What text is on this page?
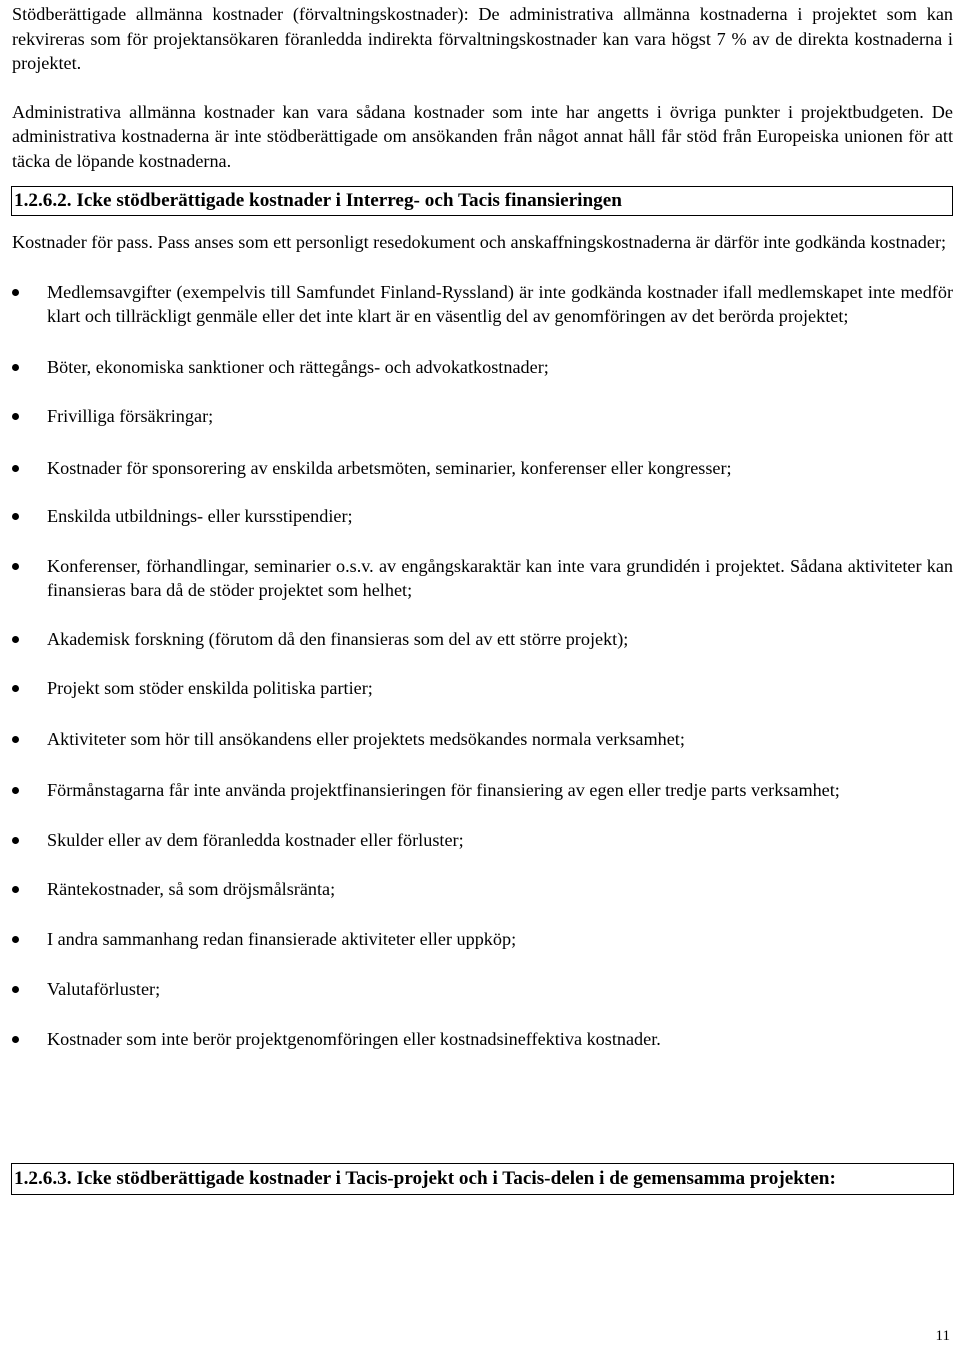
Stödberättigade allmänna kostnader (förvaltningskostnader): De administrativa allmänna kostnaderna i projektet som kan rekvireras som för projektansökaren föranledda indirekta förvaltningskostnader kan vara högst 7 % av de direkta kostnaderna i projektet.

Administrativa allmänna kostnader kan vara sådana kostnader som inte har angetts i övriga punkter i projektbudgeten. De administrativa kostnaderna är inte stödberättigade om ansökanden från något annat håll får stöd från Europeiska unionen för att täcka de löpande kostnaderna.

1.2.6.2. Icke stödberättigade kostnader i Interreg- och Tacis finansieringen

Kostnader för pass. Pass anses som ett personligt resedokument och anskaffningskostnaderna är därför inte godkända kostnader;

Medlemsavgifter (exempelvis till Samfundet Finland-Ryssland) är inte godkända kostnader ifall medlemskapet inte medför klart och tillräckligt genmäle eller det inte klart är en väsentlig del av genomföringen av det berörda projektet;
Böter, ekonomiska sanktioner och rättegångs- och advokatkostnader;
Frivilliga försäkringar;
Kostnader för sponsorering av enskilda arbetsmöten, seminarier, konferenser eller kongresser;
Enskilda utbildnings- eller kursstipendier;
Konferenser, förhandlingar, seminarier o.s.v. av engångskaraktär kan inte vara grundidén i projektet. Sådana aktiviteter kan finansieras bara då de stöder projektet som helhet;
Akademisk forskning (förutom då den finansieras som del av ett större projekt);
Projekt som stöder enskilda politiska partier;
Aktiviteter som hör till ansökandens eller projektets medsökandes normala verksamhet;
Förmånstagarna får inte använda projektfinansieringen för finansiering av egen eller tredje parts verksamhet;
Skulder eller av dem föranledda kostnader eller förluster;
Räntekostnader, så som dröjsmålsränta;
I andra sammanhang redan finansierade aktiviteter eller uppköp;
Valutaförluster;
Kostnader som inte berör projektgenomföringen eller kostnadsineffektiva kostnader.
1.2.6.3. Icke stödberättigade kostnader i Tacis-projekt och i Tacis-delen i de gemensamma projekten:
11
